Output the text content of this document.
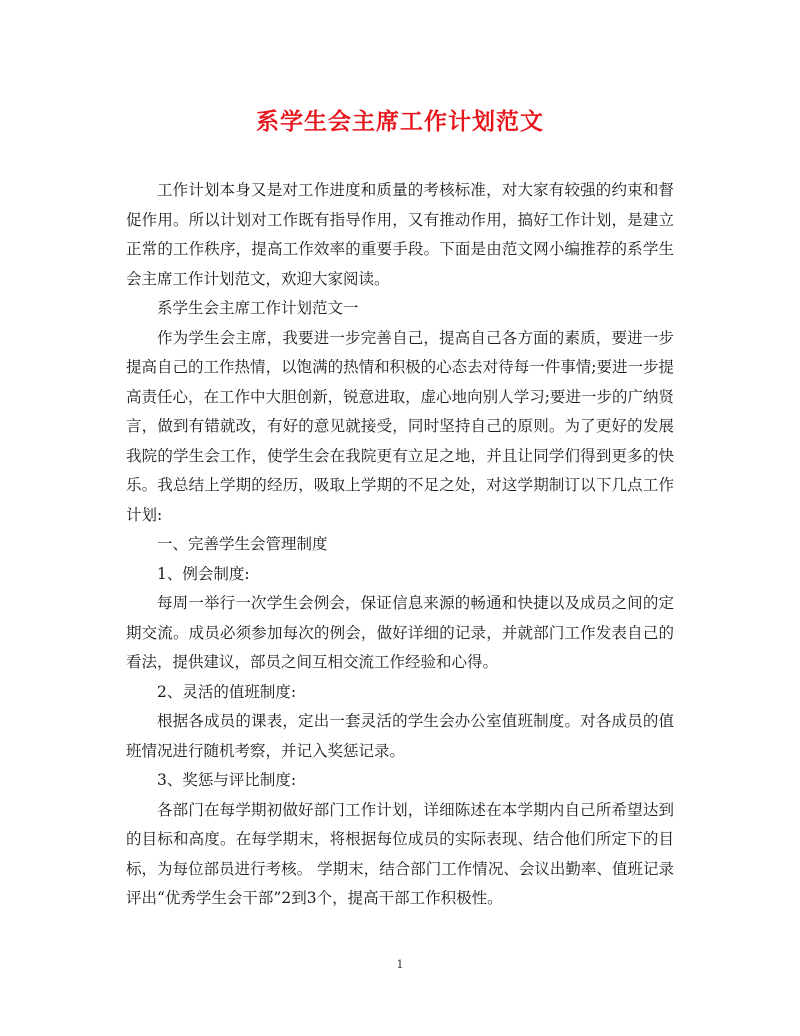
系学生会主席工作计划范文

工作计划本身又是对工作进度和质量的考核标准，对大家有较强的约束和督促作用。所以计划对工作既有指导作用，又有推动作用，搞好工作计划，是建立正常的工作秩序，提高工作效率的重要手段。下面是由范文网小编推荐的系学生会主席工作计划范文，欢迎大家阅读。

系学生会主席工作计划范文一

作为学生会主席，我要进一步完善自己，提高自己各方面的素质，要进一步提高自己的工作热情，以饱满的热情和积极的心态去对待每一件事情;要进一步提高责任心，在工作中大胆创新，锐意进取，虚心地向别人学习;要进一步的广纳贤言，做到有错就改，有好的意见就接受，同时坚持自己的原则。为了更好的发展我院的学生会工作，使学生会在我院更有立足之地，并且让同学们得到更多的快乐。我总结上学期的经历，吸取上学期的不足之处，对这学期制订以下几点工作计划:

一、完善学生会管理制度

1、例会制度:

每周一举行一次学生会例会，保证信息来源的畅通和快捷以及成员之间的定期交流。成员必须参加每次的例会，做好详细的记录，并就部门工作发表自己的看法，提供建议，部员之间互相交流工作经验和心得。

2、灵活的值班制度:

根据各成员的课表，定出一套灵活的学生会办公室值班制度。对各成员的值班情况进行随机考察，并记入奖惩记录。

3、奖惩与评比制度:

各部门在每学期初做好部门工作计划，详细陈述在本学期内自己所希望达到的目标和高度。在每学期末，将根据每位成员的实际表现、结合他们所定下的目标，为每位部员进行考核。 学期末，结合部门工作情况、会议出勤率、值班记录评出“优秀学生会干部”2到3个，提高干部工作积极性。

1
